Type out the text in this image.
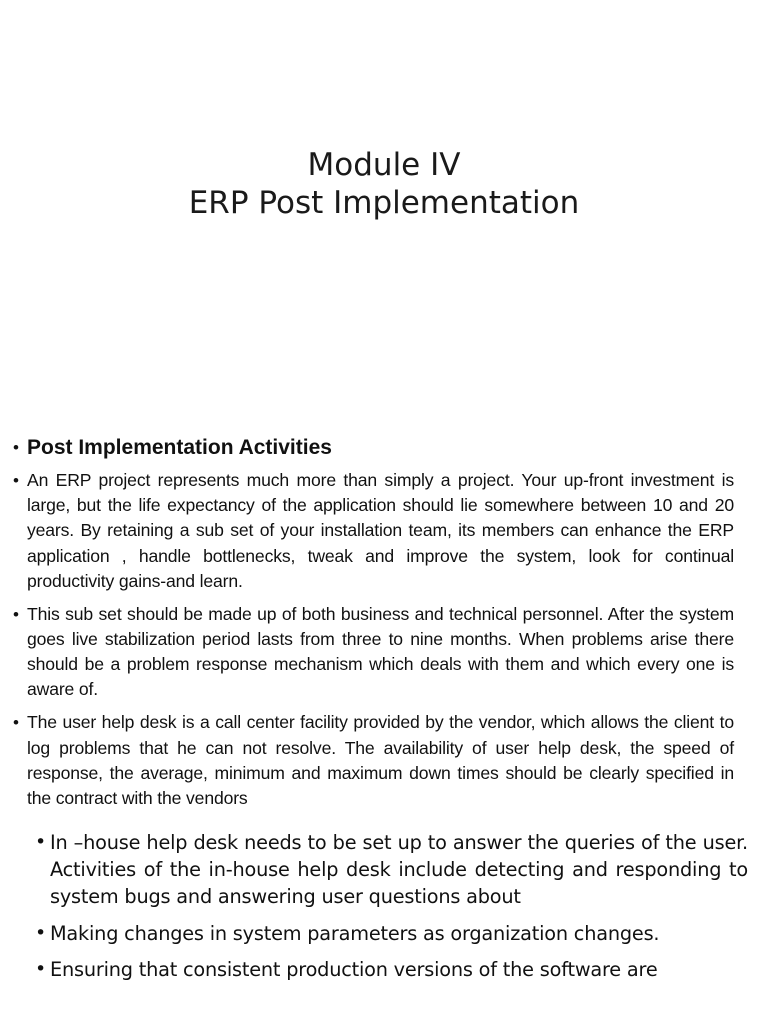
Module IV
ERP Post Implementation
• Post Implementation Activities
• An ERP project represents much more than simply a project. Your up-front investment is large, but the life expectancy of the application should lie somewhere between 10 and 20 years. By retaining a sub set of your installation team, its members can enhance the ERP application , handle bottlenecks, tweak and improve the system, look for continual productivity gains-and learn.
• This sub set should be made up of both business and technical personnel. After the system goes live stabilization period lasts from three to nine months. When problems arise there should be a problem response mechanism which deals with them and which every one is aware of.
• The user help desk is a call center facility provided by the vendor, which allows the client to log problems that he can not resolve. The availability of user help desk, the speed of response, the average, minimum and maximum down times should be clearly specified in the contract with the vendors
• In –house help desk needs to be set up to answer the queries of the user. Activities of the in-house help desk include detecting and responding to system bugs and answering user questions about
• Making changes in system parameters as organization changes.
• Ensuring that consistent production versions of the software are
